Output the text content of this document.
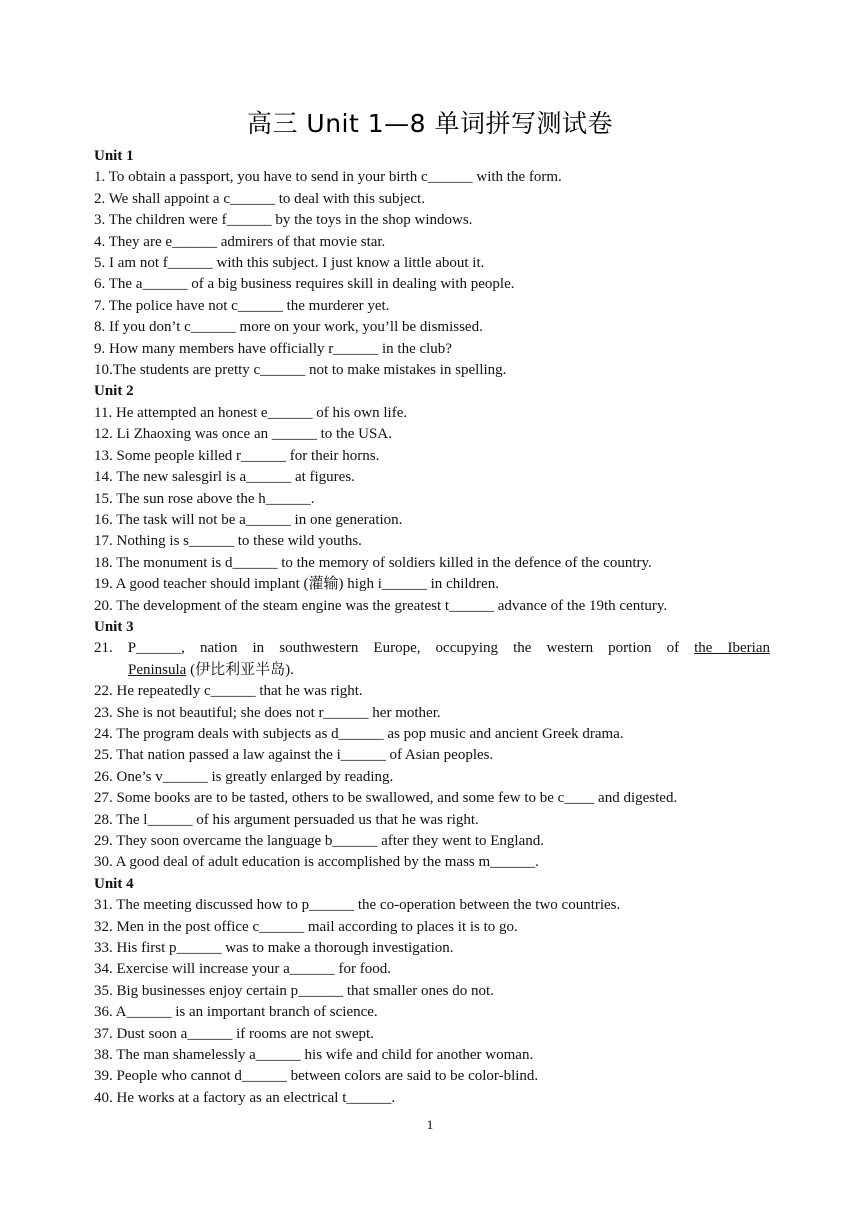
高三 Unit 1—8 单词拼写测试卷
Unit 1
1. To obtain a passport, you have to send in your birth c______ with the form.
2. We shall appoint a c______ to deal with this subject.
3. The children were f______ by the toys in the shop windows.
4. They are e______ admirers of that movie star.
5. I am not f______ with this subject. I just know a little about it.
6. The a______ of a big business requires skill in dealing with people.
7. The police have not c______ the murderer yet.
8. If you don’t c______ more on your work, you’ll be dismissed.
9. How many members have officially r______ in the club?
10.The students are pretty c______ not to make mistakes in spelling.
Unit 2
11. He attempted an honest e______ of his own life.
12. Li Zhaoxing was once an ______ to the USA.
13. Some people killed r______ for their horns.
14. The new salesgirl is a______ at figures.
15. The sun rose above the h______.
16. The task will not be a______ in one generation.
17. Nothing is s______ to these wild youths.
18. The monument is d______ to the memory of soldiers killed in the defence of the country.
19. A good teacher should implant (灌输) high i______ in children.
20. The development of the steam engine was the greatest t______ advance of the 19th century.
Unit 3
21. P______, nation in southwestern Europe, occupying the western portion of the Iberian
Peninsula (伊比利亚半岛).
22. He repeatedly c______ that he was right.
23. She is not beautiful; she does not r______ her mother.
24. The program deals with subjects as d______ as pop music and ancient Greek drama.
25. That nation passed a law against the i______ of Asian peoples.
26. One’s v______ is greatly enlarged by reading.
27. Some books are to be tasted, others to be swallowed, and some few to be c____ and digested.
28. The l______ of his argument persuaded us that he was right.
29. They soon overcame the language b______ after they went to England.
30. A good deal of adult education is accomplished by the mass m______.
Unit 4
31. The meeting discussed how to p______ the co-operation between the two countries.
32. Men in the post office c______ mail according to places it is to go.
33. His first p______ was to make a thorough investigation.
34. Exercise will increase your a______ for food.
35. Big businesses enjoy certain p______ that smaller ones do not.
36. A______ is an important branch of science.
37. Dust soon a______ if rooms are not swept.
38. The man shamelessly a______ his wife and child for another woman.
39. People who cannot d______ between colors are said to be color-blind.
40. He works at a factory as an electrical t______.
1
